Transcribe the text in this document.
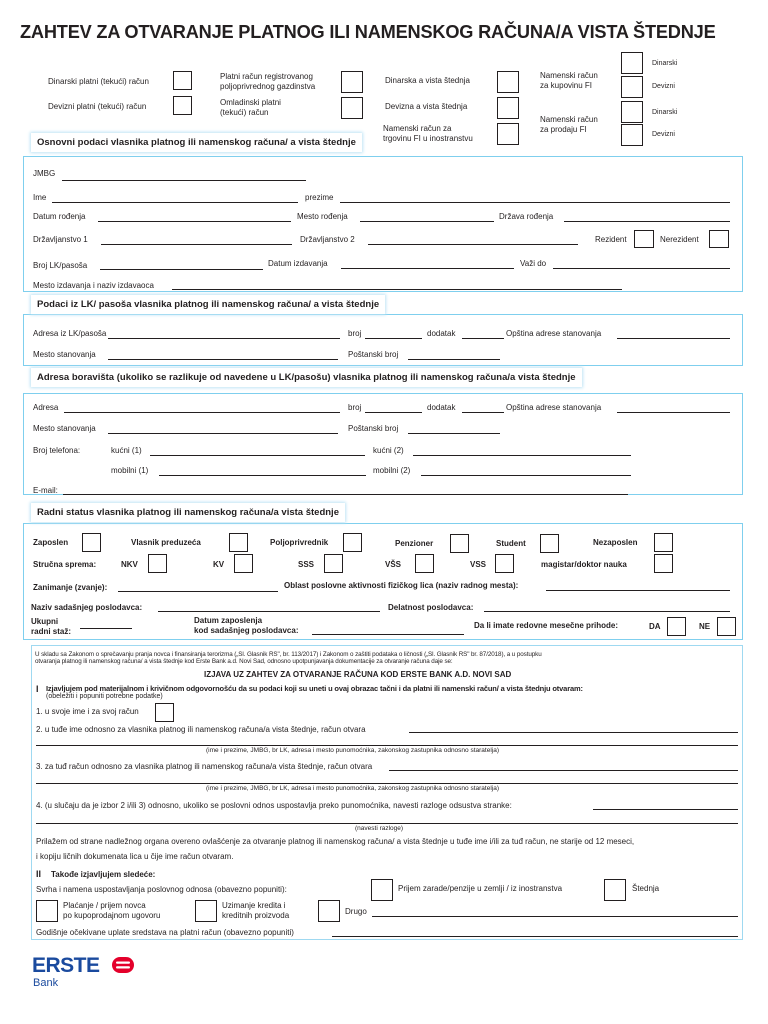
ZAHTEV ZA OTVARANJE PLATNOG ILI NAMENSKOG RAČUNA/A VISTA ŠTEDNJE
Dinarski platni (tekući) račun
Devizni platni (tekući) račun
Platni račun registrovanog
poljoprivrednog gazdinstva
Omladinski platni
(tekući) račun
Dinarska a vista štednja
Devizna a vista štednja
Namenski račun za
trgovinu FI u inostranstvu
Namenski račun
za kupovinu FI
Namenski račun
za prodaju FI
Dinarski
Devizni
Dinarski
Devizni
Osnovni podaci vlasnika platnog ili namenskog računa/ a vista štednje
JMBG
Ime	prezime
Datum rođenja	Mesto rođenja	Država rođenja
Državljanstvo 1	Državljanstvo 2	Rezident	Nerezident
Broj LK/pasoša	Datum izdavanja	Važi do
Mesto izdavanja i naziv izdavaoca
Podaci iz LK/ pasoša vlasnika platnog ili namenskog računa/ a vista štednje
Adresa iz LK/pasoša	broj	dodatak	Opština adrese stanovanja
Mesto stanovanja	Poštanski broj
Adresa boravišta (ukoliko se razlikuje od navedene u LK/pasošu) vlasnika platnog ili namenskog računa/a vista štednje
Adresa	broj	dodatak	Opština adrese stanovanja
Mesto stanovanja	Poštanski broj
Broj telefona:	kućni (1)	kućni (2)
mobilni (1)	mobilni (2)
E-mail:
Radni status vlasnika platnog ili namenskog računa/a vista štednje
Zaposlen	Vlasnik preduzeća	Poljoprivrednik	Penzioner	Student	Nezaposlen
Stručna sprema:	NKV	KV	SSS	VŠS	VSS	magistar/doktor nauka
Zanimanje (zvanje):	Oblast poslovne aktivnosti fizičkog lica (naziv radnog mesta):
Naziv sadašnjeg poslodavca:	Delatnost poslodavca:
Ukupni
radni staž:
Datum zaposlenja
kod sadašnjeg poslodavca:
Da li imate redovne mesečne prihode:	DA	NE
U skladu sa Zakonom o sprečavanju pranja novca i finansiranja terorizma („Sl. Glasnik RS", br. 113/2017) i Zakonom o zaštiti podataka o ličnosti („Sl. Glasnik RS" br. 87/2018), a u postupku
otvaranja platnog ili namenskog računa/ a vista štednje kod Erste Bank a.d. Novi Sad, odnosno upotpunjavanja dokumentacije za otvaranje računa daje se:
IZJAVA UZ ZAHTEV ZA OTVARANJE RAČUNA KOD ERSTE BANK A.D. NOVI SAD
I Izjavljujem pod materijalnom i krivičnom odgovornošću da su podaci koji su uneti u ovaj obrazac tačni i da platni ili namenski račun/ a vista štednju otvaram:
(obeležiti i popuniti potrebne podatke)
1. u svoje ime i za svoj račun
2. u tuđe ime odnosno za vlasnika platnog ili namenskog računa/a vista štednje, račun otvara
(ime i prezime, JMBG, br LK, adresa i mesto punomoćnika, zakonskog zastupnika odnosno staratelja)
3. za tuđ račun odnosno za vlasnika platnog ili namenskog računa/a vista štednje, račun otvara
(ime i prezime, JMBG, br LK, adresa i mesto punomoćnika, zakonskog zastupnika odnosno staratelja)
4. (u slučaju da je izbor 2 i/ili 3) odnosno, ukoliko se poslovni odnos uspostavlja preko punomoćnika, navesti razloge odsustva stranke:
(navesti razloge)
Prilažem od strane nadležnog organa overeno ovlašćenje za otvaranje platnog ili namenskog računa/ a vista štednje u tuđe ime i/ili za tuđ račun, ne starije od 12 meseci,
i kopiju ličnih dokumenata lica u čije ime račun otvaram.
II Takođe izjavljujem sledeće:
Svrha i namena uspostavljanja poslovnog odnosa (obavezno popuniti):	Prijem zarade/penzije u zemlji / iz inostranstva	Štednja
Plaćanje / prijem novca
po kupoprodajnom ugovoru
Uzimanje kredita i
kreditnih proizvoda	Drugo
Godišnje očekivane uplate sredstava na platni račun (obavezno popuniti)
ERSTE
Bank
